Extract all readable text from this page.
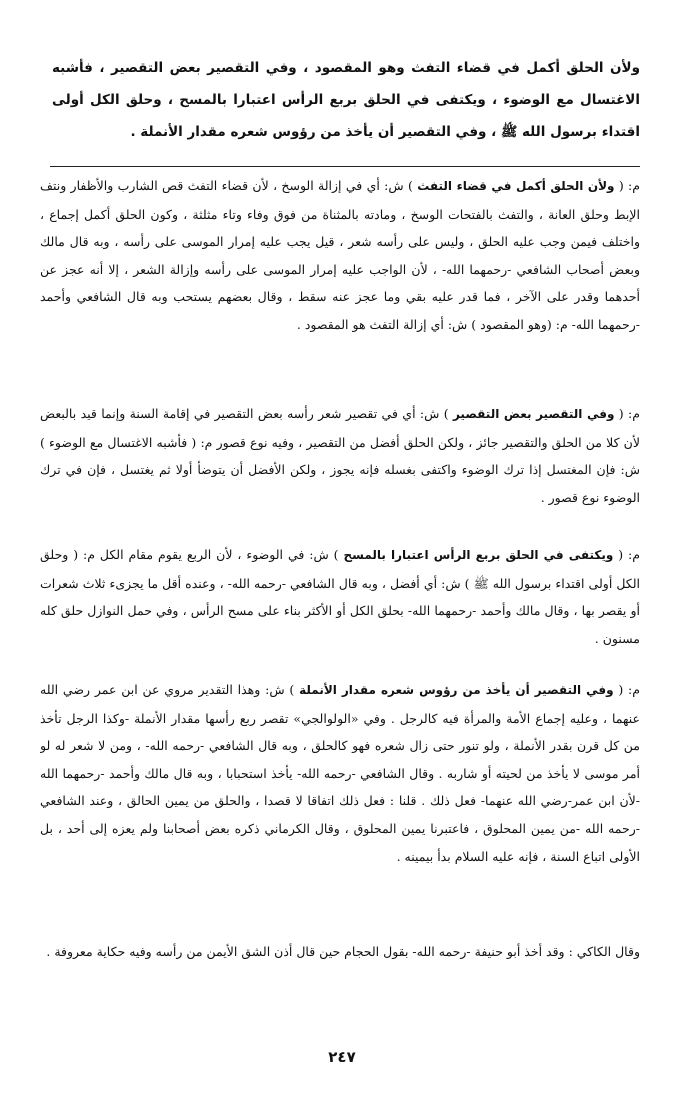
ولأن الحلق أكمل في قضاء التفث وهو المقصود ، وفي التقصير بعض التقصير ، فأشبه الاغتسال مع الوضوء ، ويكتفى في الحلق بربع الرأس اعتبارا بالمسح ، وحلق الكل أولى اقتداء برسول الله ﷺ ، وفي التقصير أن يأخذ من رؤوس شعره مقدار الأنملة .

م: ( ولأن الحلق أكمل في قضاء التفث ) ش: أي في إزالة الوسخ ، لأن قضاء التفث قص الشارب والأظفار ونتف الإبط وحلق العانة ، والتفث بالفتحات الوسخ ، ومادته بالمثناة من فوق وفاء وتاء مثلثة ، وكون الحلق أكمل إجماع ، واختلف فيمن وجب عليه الحلق ، وليس على رأسه شعر ، قيل يجب عليه إمرار الموسى على رأسه ، وبه قال مالك وبعض أصحاب الشافعي -رحمهما الله- ، لأن الواجب عليه إمرار الموسى على رأسه وإزالة الشعر ، إلا أنه عجز عن أحدهما وقدر على الآخر ، فما قدر عليه بقي وما عجز عنه سقط ، وقال بعضهم يستحب وبه قال الشافعي وأحمد -رحمهما الله- م: (وهو المقصود ) ش: أي إزالة التفث هو المقصود .

م: ( وفي التقصير بعض التقصير ) ش: أي في تقصير شعر رأسه بعض التقصير في إقامة السنة وإنما قيد بالبعض لأن كلا من الحلق والتقصير جائز ، ولكن الحلق أفضل من التقصير ، وفيه نوع قصور م: ( فأشبه الاغتسال مع الوضوء ) ش: فإن المغتسل إذا ترك الوضوء واكتفى بغسله فإنه يجوز ، ولكن الأفضل أن يتوضأ أولا ثم يغتسل ، فإن في ترك الوضوء نوع قصور .

م: ( ويكتفى في الحلق بربع الرأس اعتبارا بالمسح ) ش: في الوضوء ، لأن الربع يقوم مقام الكل م: ( وحلق الكل أولى اقتداء برسول الله ﷺ ) ش: أي أفضل ، وبه قال الشافعي -رحمه الله- ، وعنده أقل ما يجزىء ثلاث شعرات أو يقصر بها ، وقال مالك وأحمد -رحمهما الله- بحلق الكل أو الأكثر بناء على مسح الرأس ، وفي حمل النوازل حلق كله مسنون .

م: ( وفي التقصير أن يأخذ من رؤوس شعره مقدار الأنملة ) ش: وهذا التقدير مروي عن ابن عمر رضي الله عنهما ، وعليه إجماع الأمة والمرأة فيه كالرجل . وفي «الولوالجي» تقصر ربع رأسها مقدار الأنملة -وكذا الرجل تأخذ من كل قرن بقدر الأنملة ، ولو تنور حتى زال شعره فهو كالحلق ، وبه قال الشافعي -رحمه الله- ، ومن لا شعر له لو أمر موسى لا يأخذ من لحيته أو شاربه . وقال الشافعي -رحمه الله- يأخذ استحبابا ، وبه قال مالك وأحمد -رحمهما الله -لأن ابن عمر-رضي الله عنهما- فعل ذلك . قلنا : فعل ذلك اتفاقا لا قصدا ، والحلق من يمين الحالق ، وعند الشافعي -رحمه الله -من يمين المحلوق ، فاعتبرنا يمين المحلوق ، وقال الكرماني ذكره بعض أصحابنا ولم يعزه إلى أحد ، بل الأولى اتباع السنة ، فإنه عليه السلام بدأ بيمينه .

وقال الكاكي : وقد أخذ أبو حنيفة -رحمه الله- بقول الحجام حين قال أذن الشق الأيمن من رأسه وفيه حكاية معروفة .

٢٤٧
